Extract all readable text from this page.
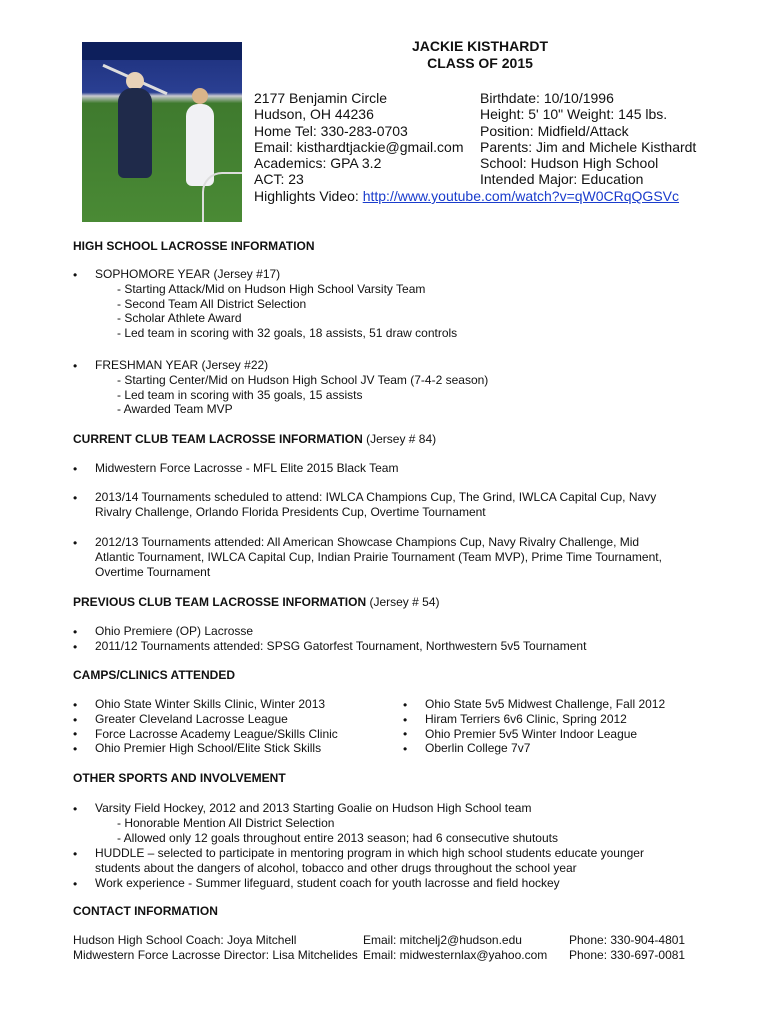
JACKIE KISTHARDT
CLASS OF 2015
2177 Benjamin Circle
Hudson, OH 44236
Home Tel: 330-283-0703
Email: kisthardtjackie@gmail.com
Academics: GPA 3.2
ACT: 23
Birthdate: 10/10/1996
Height: 5' 10" Weight: 145 lbs.
Position: Midfield/Attack
Parents: Jim and Michele Kisthardt
School: Hudson High School
Intended Major: Education
Highlights Video: http://www.youtube.com/watch?v=qW0CRqQGSVc
HIGH SCHOOL LACROSSE INFORMATION
• SOPHOMORE YEAR (Jersey #17)
- Starting Attack/Mid on Hudson High School Varsity Team
- Second Team All District Selection
- Scholar Athlete Award
- Led team in scoring with 32 goals, 18 assists, 51 draw controls
• FRESHMAN YEAR (Jersey #22)
- Starting Center/Mid on Hudson High School JV Team (7-4-2 season)
- Led team in scoring with 35 goals, 15 assists
- Awarded Team MVP
CURRENT CLUB TEAM LACROSSE INFORMATION (Jersey # 84)
• Midwestern Force Lacrosse - MFL Elite 2015 Black Team
• 2013/14 Tournaments scheduled to attend: IWLCA Champions Cup, The Grind, IWLCA Capital Cup, Navy
Rivalry Challenge, Orlando Florida Presidents Cup, Overtime Tournament
• 2012/13 Tournaments attended: All American Showcase Champions Cup, Navy Rivalry Challenge, Mid
Atlantic Tournament, IWLCA Capital Cup, Indian Prairie Tournament (Team MVP), Prime Time Tournament,
Overtime Tournament
PREVIOUS CLUB TEAM LACROSSE INFORMATION (Jersey # 54)
•
•
Ohio Premiere (OP) Lacrosse
2011/12 Tournaments attended: SPSG Gatorfest Tournament, Northwestern 5v5 Tournament
CAMPS/CLINICS ATTENDED
•
•
•
•
Ohio State Winter Skills Clinic, Winter 2013
Greater Cleveland Lacrosse League
Force Lacrosse Academy League/Skills Clinic
Ohio Premier High School/Elite Stick Skills
•
•
•
•
Ohio State 5v5 Midwest Challenge, Fall 2012
Hiram Terriers 6v6 Clinic, Spring 2012
Ohio Premier 5v5 Winter Indoor League
Oberlin College 7v7
OTHER SPORTS AND INVOLVEMENT
• Varsity Field Hockey, 2012 and 2013 Starting Goalie on Hudson High School team
- Honorable Mention All District Selection
- Allowed only 12 goals throughout entire 2013 season; had 6 consecutive shutouts
• HUDDLE – selected to participate in mentoring program in which high school students educate younger
students about the dangers of alcohol, tobacco and other drugs throughout the school year
• Work experience - Summer lifeguard, student coach for youth lacrosse and field hockey
CONTACT INFORMATION
Hudson High School Coach: Joya Mitchell
Midwestern Force Lacrosse Director: Lisa Mitchelides
Email: mitchelj2@hudson.edu
Email: midwesternlax@yahoo.com
Phone: 330-904-4801
Phone: 330-697-0081
